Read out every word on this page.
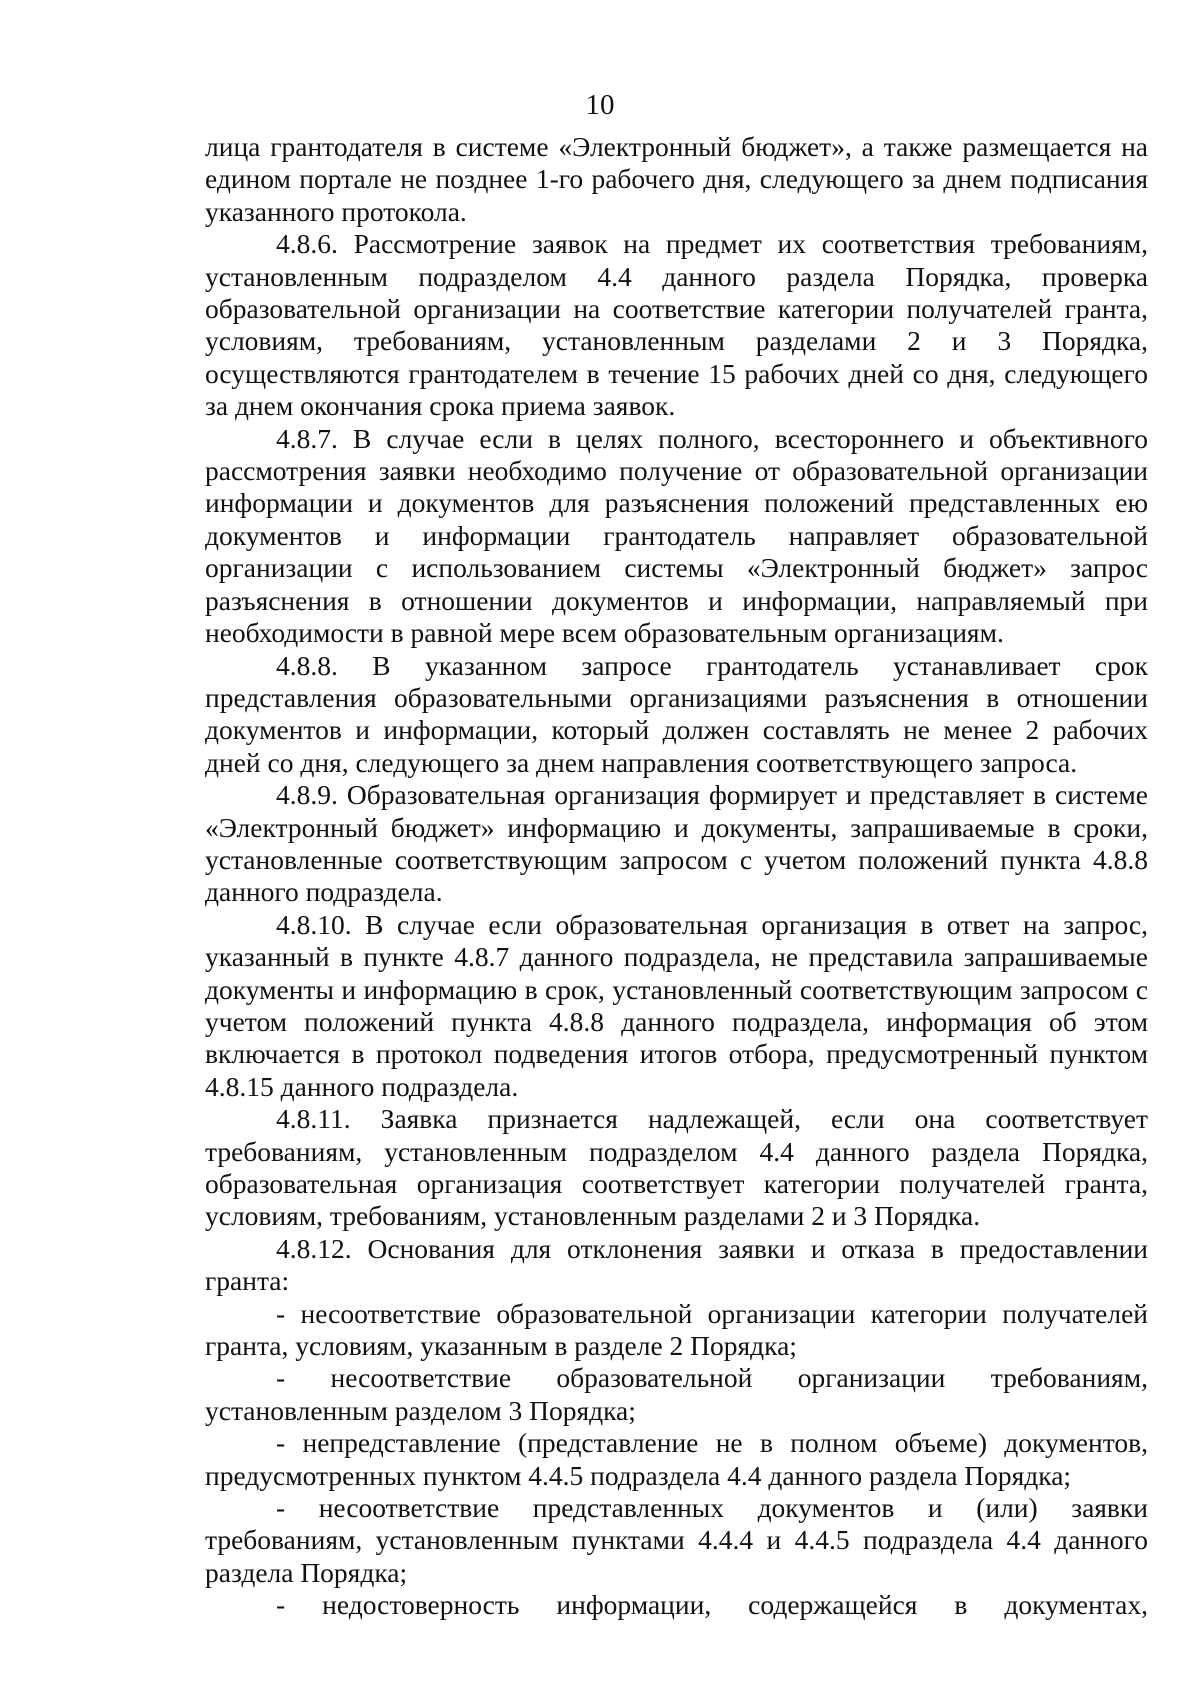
10

лица грантодателя в системе «Электронный бюджет», а также размещается на едином портале не позднее 1-го рабочего дня, следующего за днем подписания указанного протокола.

4.8.6. Рассмотрение заявок на предмет их соответствия требованиям, установленным подразделом 4.4 данного раздела Порядка, проверка образовательной организации на соответствие категории получателей гранта, условиям, требованиям, установленным разделами 2 и 3 Порядка, осуществляются грантодателем в течение 15 рабочих дней со дня, следующего за днем окончания срока приема заявок.

4.8.7. В случае если в целях полного, всестороннего и объективного рассмотрения заявки необходимо получение от образовательной организации информации и документов для разъяснения положений представленных ею документов и информации грантодатель направляет образовательной организации с использованием системы «Электронный бюджет» запрос разъяснения в отношении документов и информации, направляемый при необходимости в равной мере всем образовательным организациям.

4.8.8. В указанном запросе грантодатель устанавливает срок представления образовательными организациями разъяснения в отношении документов и информации, который должен составлять не менее 2 рабочих дней со дня, следующего за днем направления соответствующего запроса.

4.8.9. Образовательная организация формирует и представляет в системе «Электронный бюджет» информацию и документы, запрашиваемые в сроки, установленные соответствующим запросом с учетом положений пункта 4.8.8 данного подраздела.

4.8.10. В случае если образовательная организация в ответ на запрос, указанный в пункте 4.8.7 данного подраздела, не представила запрашиваемые документы и информацию в срок, установленный соответствующим запросом с учетом положений пункта 4.8.8 данного подраздела, информация об этом включается в протокол подведения итогов отбора, предусмотренный пунктом 4.8.15 данного подраздела.

4.8.11. Заявка признается надлежащей, если она соответствует требованиям, установленным подразделом 4.4 данного раздела Порядка, образовательная организация соответствует категории получателей гранта, условиям, требованиям, установленным разделами 2 и 3 Порядка.

4.8.12. Основания для отклонения заявки и отказа в предоставлении гранта:

- несоответствие образовательной организации категории получателей гранта, условиям, указанным в разделе 2 Порядка;

- несоответствие образовательной организации требованиям, установленным разделом 3 Порядка;

- непредставление (представление не в полном объеме) документов, предусмотренных пунктом 4.4.5 подраздела 4.4 данного раздела Порядка;

- несоответствие представленных документов и (или) заявки требованиям, установленным пунктами 4.4.4 и 4.4.5 подраздела 4.4 данного раздела Порядка;

- недостоверность информации, содержащейся в документах,
